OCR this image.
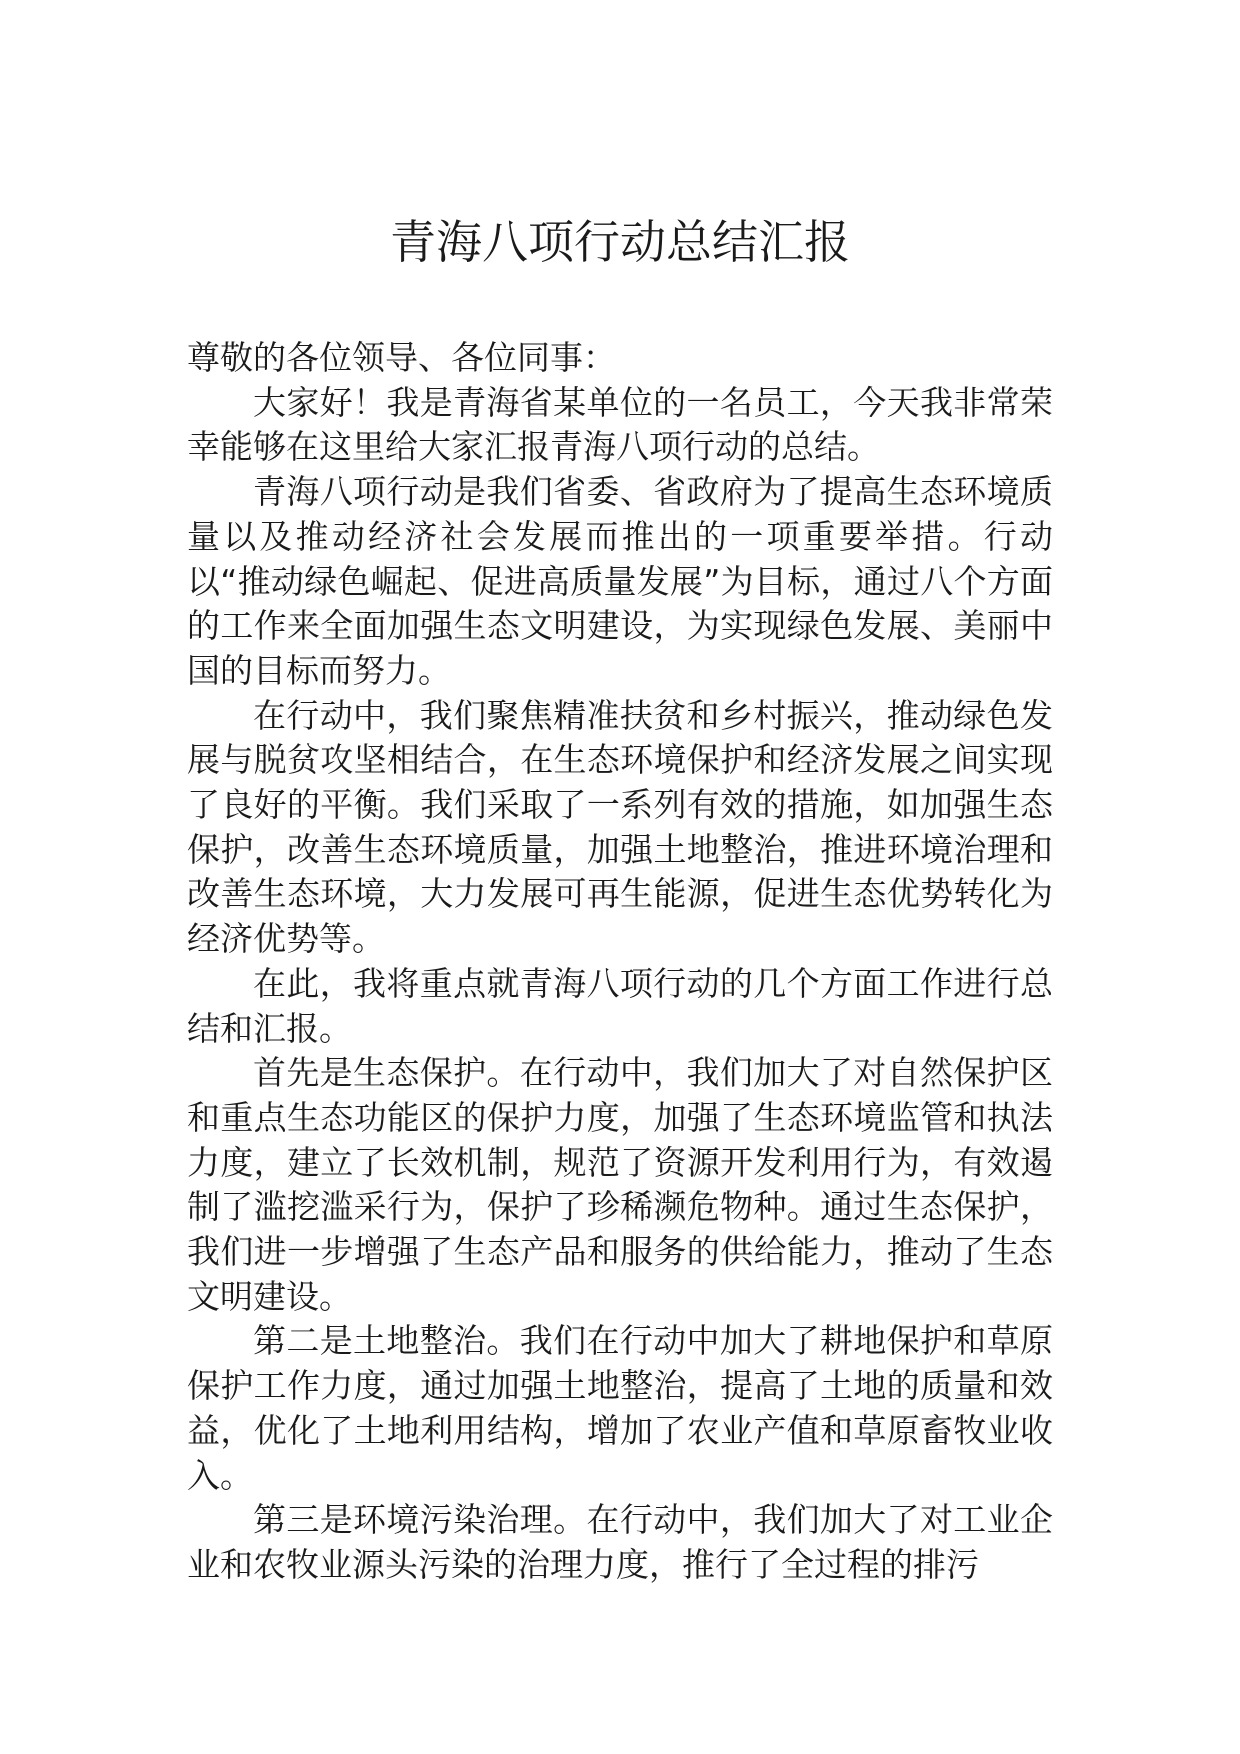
青海八项行动总结汇报

尊敬的各位领导、各位同事：

大家好！我是青海省某单位的一名员工，今天我非常荣幸能够在这里给大家汇报青海八项行动的总结。

青海八项行动是我们省委、省政府为了提高生态环境质量以及推动经济社会发展而推出的一项重要举措。行动以“推动绿色崛起、促进高质量发展”为目标，通过八个方面的工作来全面加强生态文明建设，为实现绿色发展、美丽中国的目标而努力。

在行动中，我们聚焦精准扶贫和乡村振兴，推动绿色发展与脱贫攻坚相结合，在生态环境保护和经济发展之间实现了良好的平衡。我们采取了一系列有效的措施，如加强生态保护，改善生态环境质量，加强土地整治，推进环境治理和改善生态环境，大力发展可再生能源，促进生态优势转化为经济优势等。

在此，我将重点就青海八项行动的几个方面工作进行总结和汇报。

首先是生态保护。在行动中，我们加大了对自然保护区和重点生态功能区的保护力度，加强了生态环境监管和执法力度，建立了长效机制，规范了资源开发利用行为，有效遏制了滥挖滥采行为，保护了珍稀濒危物种。通过生态保护，我们进一步增强了生态产品和服务的供给能力，推动了生态文明建设。

第二是土地整治。我们在行动中加大了耕地保护和草原保护工作力度，通过加强土地整治，提高了土地的质量和效益，优化了土地利用结构，增加了农业产值和草原畜牧业收入。

第三是环境污染治理。在行动中，我们加大了对工业企业和农牧业源头污染的治理力度，推行了全过程的排污
